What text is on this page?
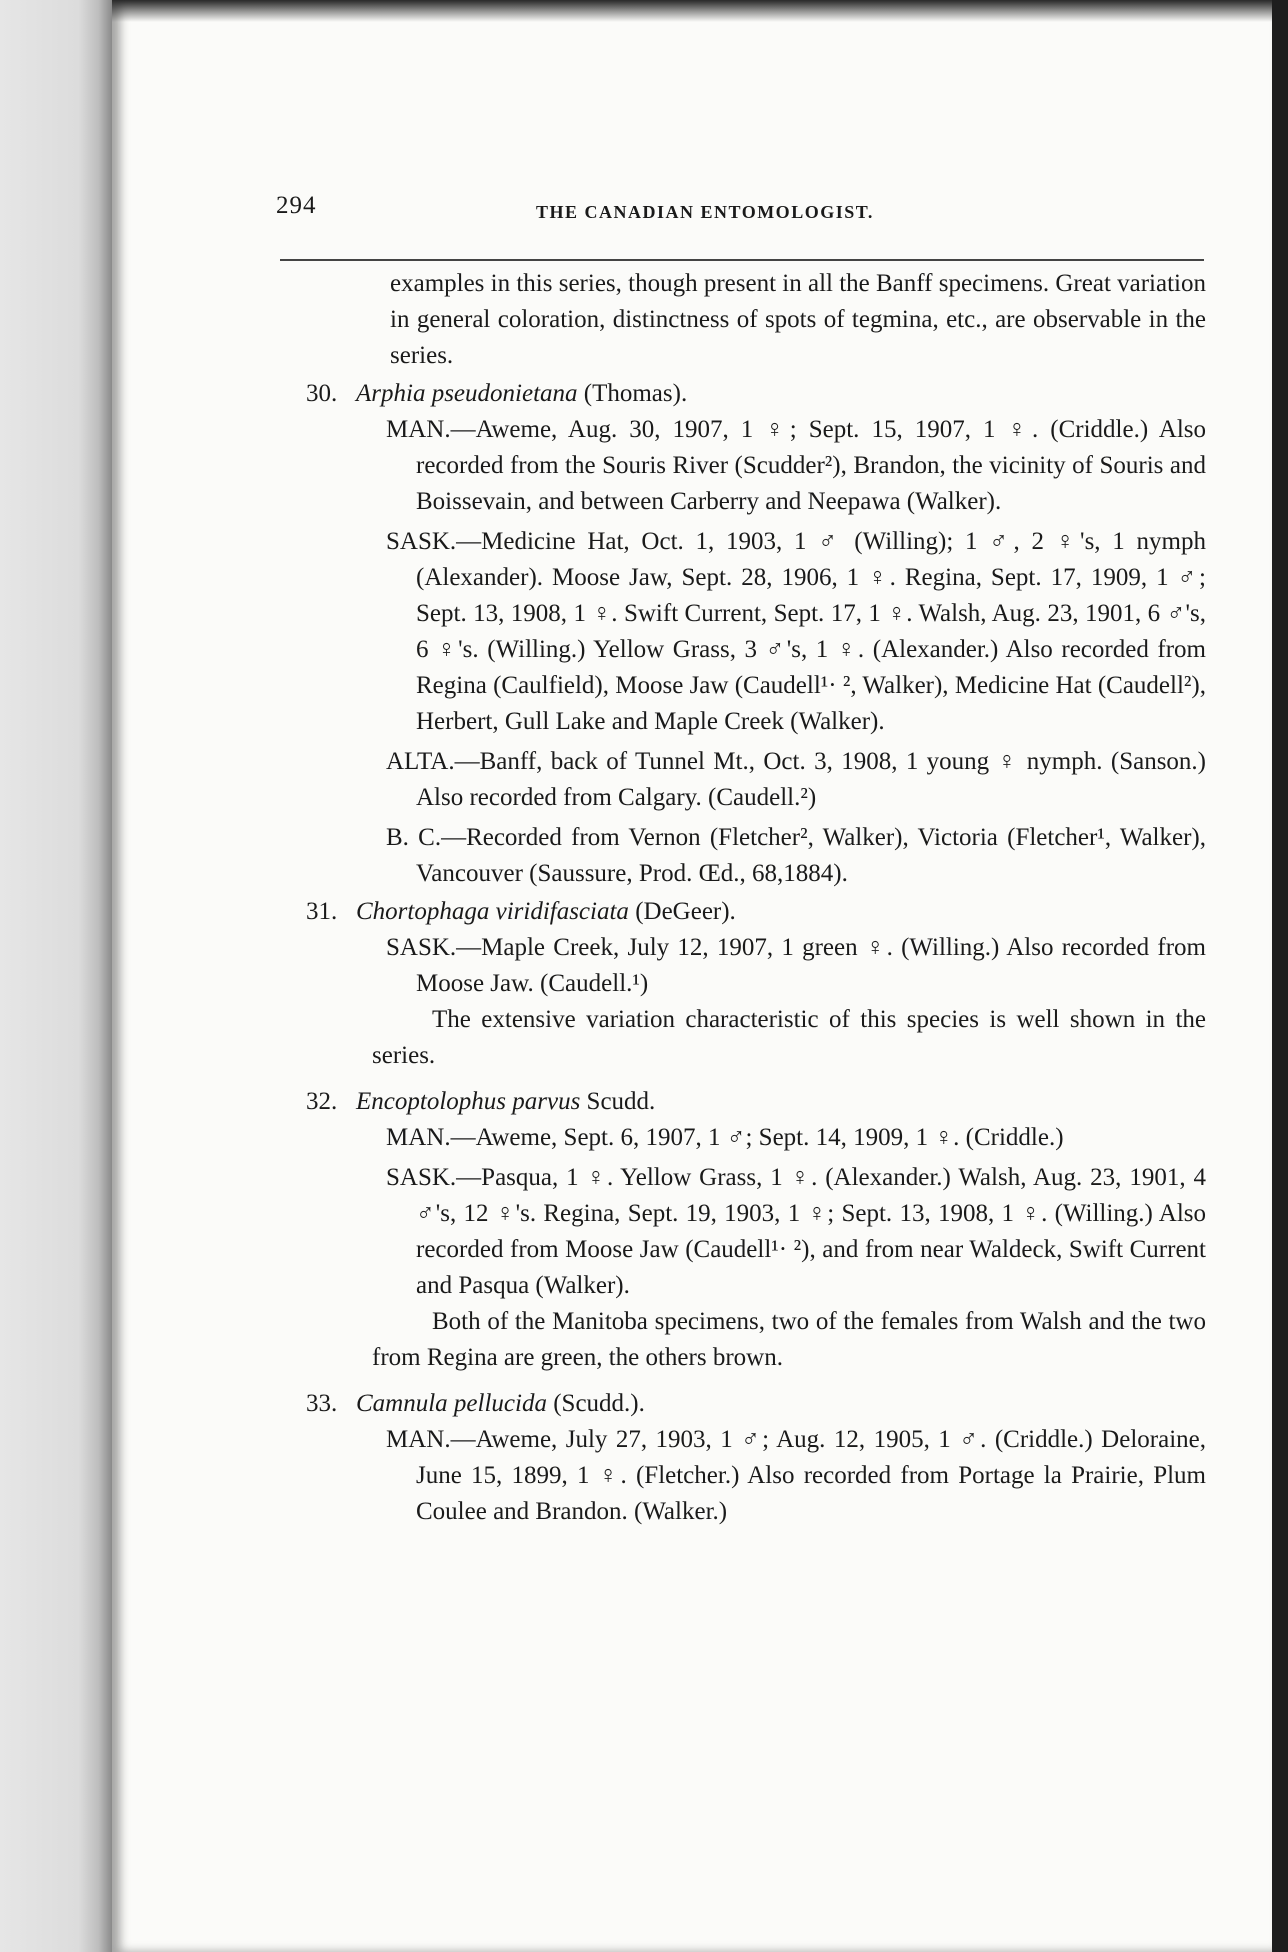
294	THE CANADIAN ENTOMOLOGIST.

examples in this series, though present in all the Banff specimens. Great variation in general coloration, distinctness of spots of tegmina, etc., are observable in the series.

30. Arphia pseudonietana (Thomas).

MAN.—Aweme, Aug. 30, 1907, 1 ♀; Sept. 15, 1907, 1 ♀. (Criddle.) Also recorded from the Souris River (Scudder²), Brandon, the vicinity of Souris and Boissevain, and between Carberry and Neepawa (Walker).

SASK.—Medicine Hat, Oct. 1, 1903, 1 ♂ (Willing); 1 ♂, 2 ♀'s, 1 nymph (Alexander). Moose Jaw, Sept. 28, 1906, 1 ♀. Regina, Sept. 17, 1909, 1 ♂; Sept. 13, 1908, 1 ♀. Swift Current, Sept. 17, 1 ♀. Walsh, Aug. 23, 1901, 6 ♂'s, 6 ♀'s. (Willing.) Yellow Grass, 3 ♂'s, 1 ♀. (Alexander.) Also recorded from Regina (Caulfield), Moose Jaw (Caudell¹· ², Walker), Medicine Hat (Caudell²), Herbert, Gull Lake and Maple Creek (Walker).

ALTA.—Banff, back of Tunnel Mt., Oct. 3, 1908, 1 young ♀ nymph. (Sanson.) Also recorded from Calgary. (Caudell.²)

B. C.—Recorded from Vernon (Fletcher², Walker), Victoria (Fletcher¹, Walker), Vancouver (Saussure, Prod. Œd., 68,1884).

31. Chortophaga viridifasciata (DeGeer).

SASK.—Maple Creek, July 12, 1907, 1 green ♀. (Willing.) Also recorded from Moose Jaw. (Caudell.¹)

The extensive variation characteristic of this species is well shown in the series.

32. Encoptolophus parvus Scudd.

MAN.—Aweme, Sept. 6, 1907, 1 ♂; Sept. 14, 1909, 1 ♀. (Criddle.)

SASK.—Pasqua, 1 ♀. Yellow Grass, 1 ♀. (Alexander.) Walsh, Aug. 23, 1901, 4 ♂'s, 12 ♀'s. Regina, Sept. 19, 1903, 1 ♀; Sept. 13, 1908, 1 ♀. (Willing.) Also recorded from Moose Jaw (Caudell¹· ²), and from near Waldeck, Swift Current and Pasqua (Walker).

Both of the Manitoba specimens, two of the females from Walsh and the two from Regina are green, the others brown.

33. Camnula pellucida (Scudd.).

MAN.—Aweme, July 27, 1903, 1 ♂; Aug. 12, 1905, 1 ♂. (Criddle.) Deloraine, June 15, 1899, 1 ♀. (Fletcher.) Also recorded from Portage la Prairie, Plum Coulee and Brandon. (Walker.)
